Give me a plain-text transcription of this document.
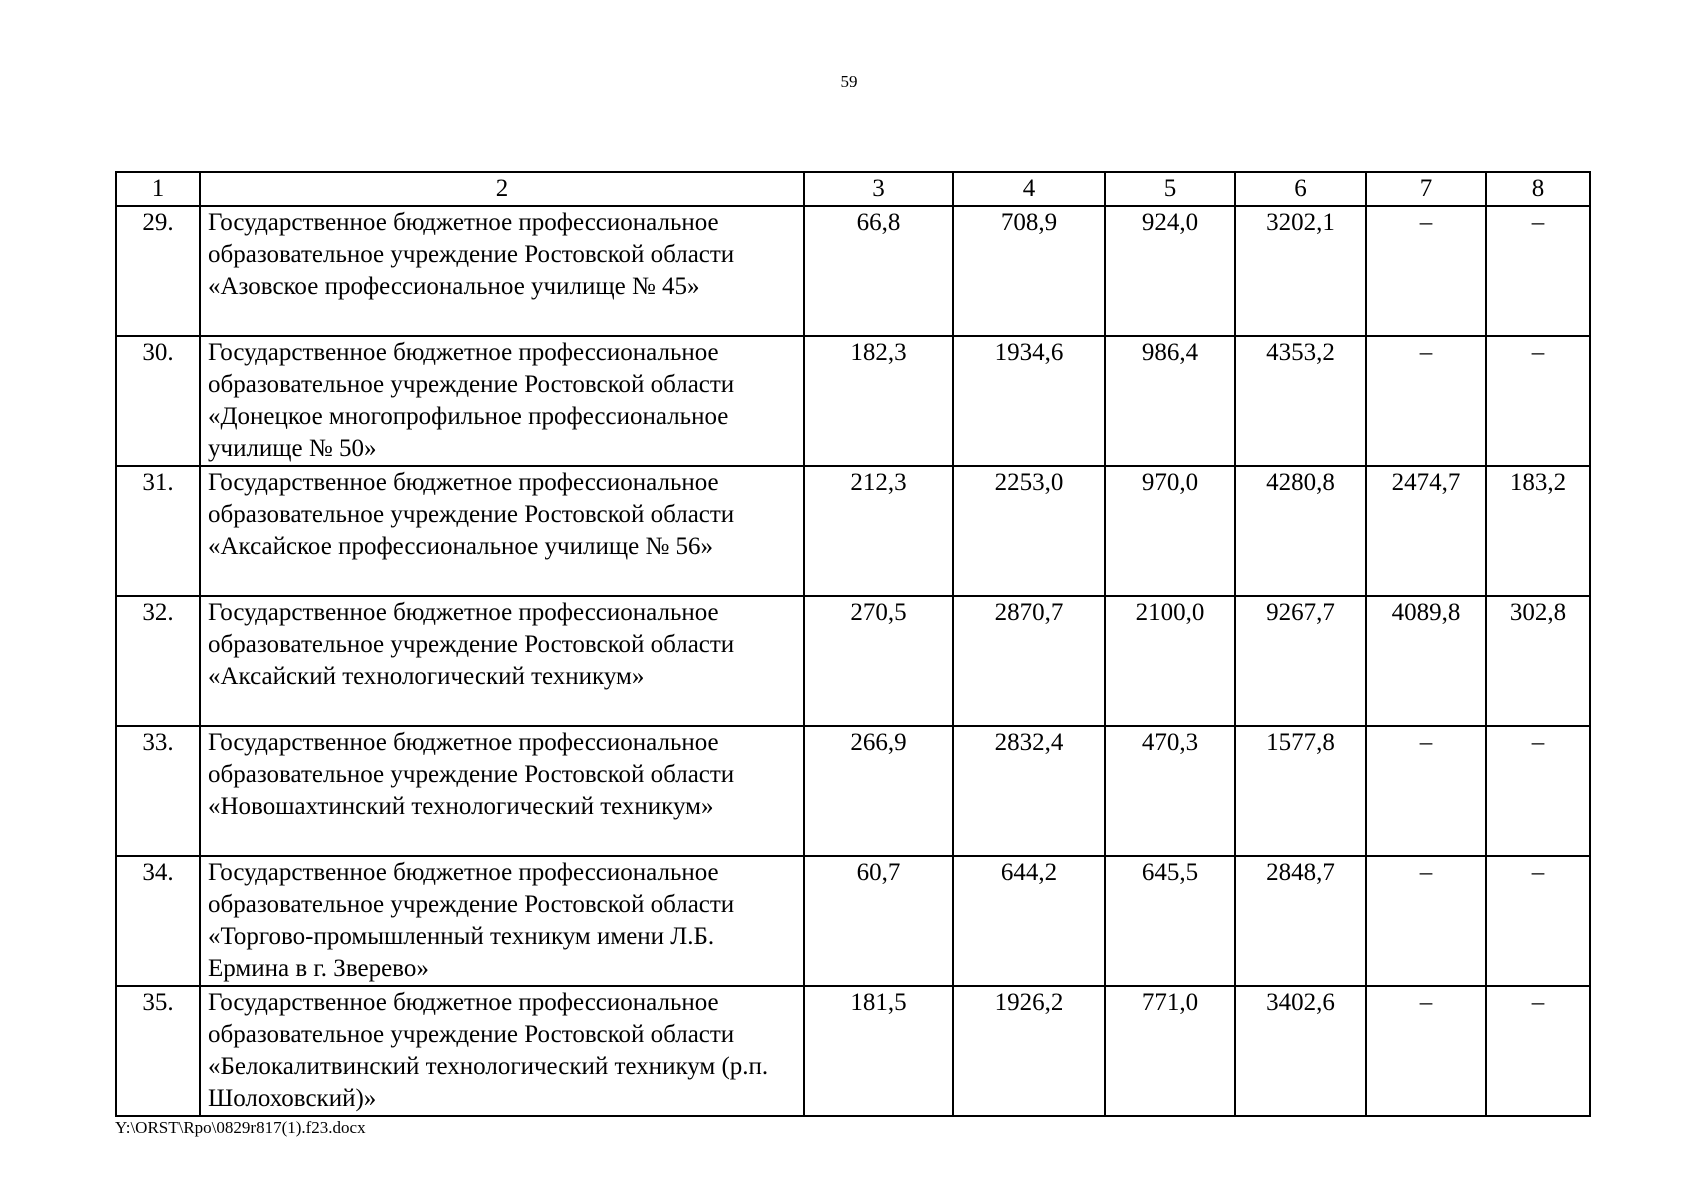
59
1	2	3	4	5	6	7	8
29.	Государственное бюджетное профессиональное образовательное учреждение Ростовской области «Азовское профессиональное училище № 45»	66,8	708,9	924,0	3202,1	–	–
30.	Государственное бюджетное профессиональное образовательное учреждение Ростовской области «Донецкое многопрофильное профессиональное училище № 50»	182,3	1934,6	986,4	4353,2	–	–
31.	Государственное бюджетное профессиональное образовательное учреждение Ростовской области «Аксайское профессиональное училище № 56»	212,3	2253,0	970,0	4280,8	2474,7	183,2
32.	Государственное бюджетное профессиональное образовательное учреждение Ростовской области «Аксайский технологический техникум»	270,5	2870,7	2100,0	9267,7	4089,8	302,8
33.	Государственное бюджетное профессиональное образовательное учреждение Ростовской области «Новошахтинский технологический техникум»	266,9	2832,4	470,3	1577,8	–	–
34.	Государственное бюджетное профессиональное образовательное учреждение Ростовской области «Торгово-промышленный техникум имени Л.Б. Ермина в г. Зверево»	60,7	644,2	645,5	2848,7	–	–
35.	Государственное бюджетное профессиональное образовательное учреждение Ростовской области «Белокалитвинский технологический техникум (р.п. Шолоховский)»	181,5	1926,2	771,0	3402,6	–	–
Y:\ORST\Rpo\0829r817(1).f23.docx
